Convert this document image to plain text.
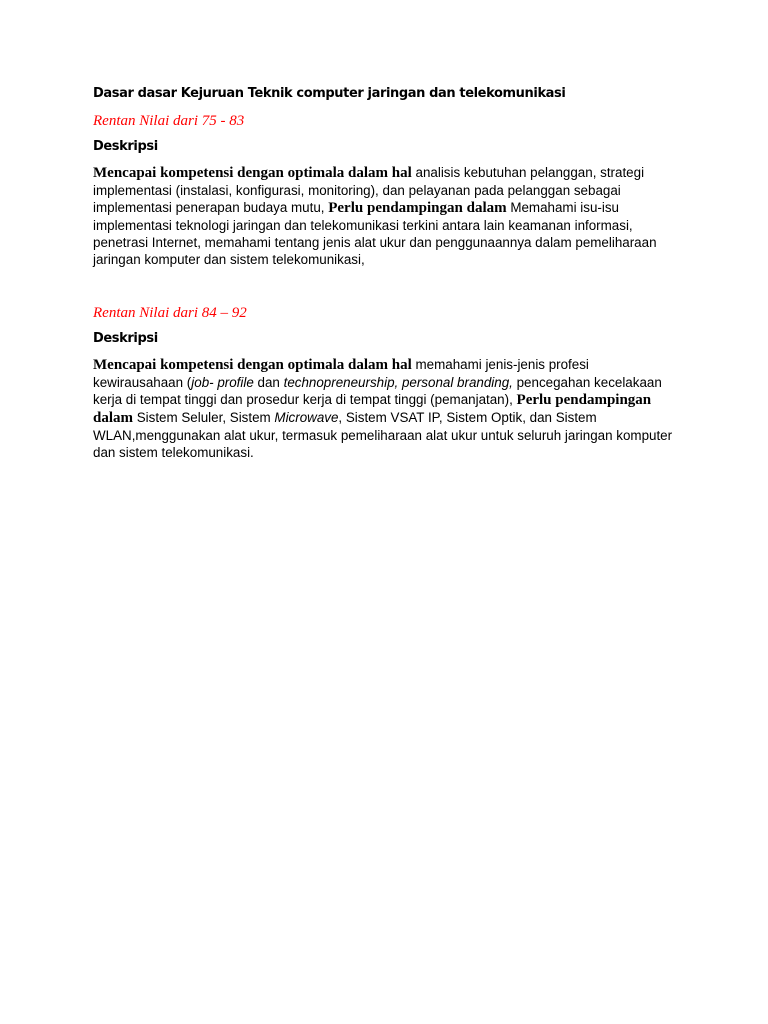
Dasar dasar Kejuruan Teknik computer jaringan dan telekomunikasi

Rentan Nilai dari 75 - 83

Deskripsi

Mencapai kompetensi dengan optimala dalam hal analisis kebutuhan pelanggan, strategi implementasi (instalasi, konfigurasi, monitoring), dan pelayanan pada pelanggan sebagai implementasi penerapan budaya mutu, Perlu pendampingan dalam Memahami isu-isu implementasi teknologi jaringan dan telekomunikasi terkini antara lain keamanan informasi, penetrasi Internet, memahami tentang jenis alat ukur dan penggunaannya dalam pemeliharaan jaringan komputer dan sistem telekomunikasi,

Rentan Nilai dari 84 – 92

Deskripsi

Mencapai kompetensi dengan optimala dalam hal memahami jenis-jenis profesi kewirausahaan (job- profile dan technopreneurship, personal branding, pencegahan kecelakaan kerja di tempat tinggi dan prosedur kerja di tempat tinggi (pemanjatan), Perlu pendampingan dalam Sistem Seluler, Sistem Microwave, Sistem VSAT IP, Sistem Optik, dan Sistem WLAN,menggunakan alat ukur, termasuk pemeliharaan alat ukur untuk seluruh jaringan komputer dan sistem telekomunikasi.
